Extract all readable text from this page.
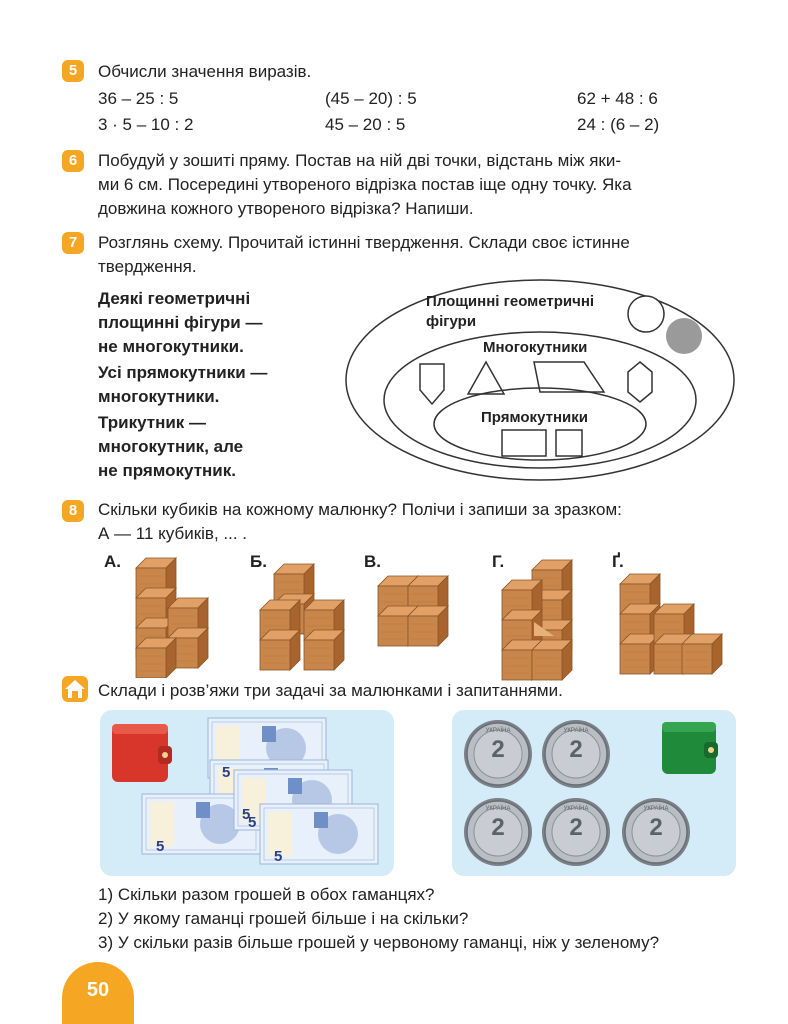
5	Обчисли значення виразів.
36 – 25 : 5	(45 – 20) : 5	62 + 48 : 6
3 · 5 – 10 : 2	45 – 20 : 5	24 : (6 – 2)
6	Побудуй у зошиті пряму. Постав на ній дві точки, відстань між яки-
ми 6 см. Посередині утвореного відрізка постав іще одну точку. Яка
довжина кожного утвореного відрізка? Напиши.
7	Розглянь схему. Прочитай істинні твердження. Склади своє істинне
твердження.
Деякі геометричні
площинні фігури —
не многокутники.
Усі прямокутники —
многокутники.
Трикутник —
многокутник, але
не прямокутник.
Площинні геометричні
фігури
Многокутники
Прямокутники
8	Скільки кубиків на кожному малюнку? Полічи і запиши за зразком:
А — 11 кубиків, ... .
А.	Б.	В.	Г.	Ґ.
Склади і розв’яжи три задачі за малюнками і запитаннями.
5
5
5
5
5
2	2
2	2	2
УКРАЇНА	УКРАЇНА
УКРАЇНА	УКРАЇНА	УКРАЇНА
1) Скільки разом грошей в обох гаманцях?
2) У якому гаманці грошей більше і на скільки?
3) У скільки разів більше грошей у червоному гаманці, ніж у зеленому?
50
